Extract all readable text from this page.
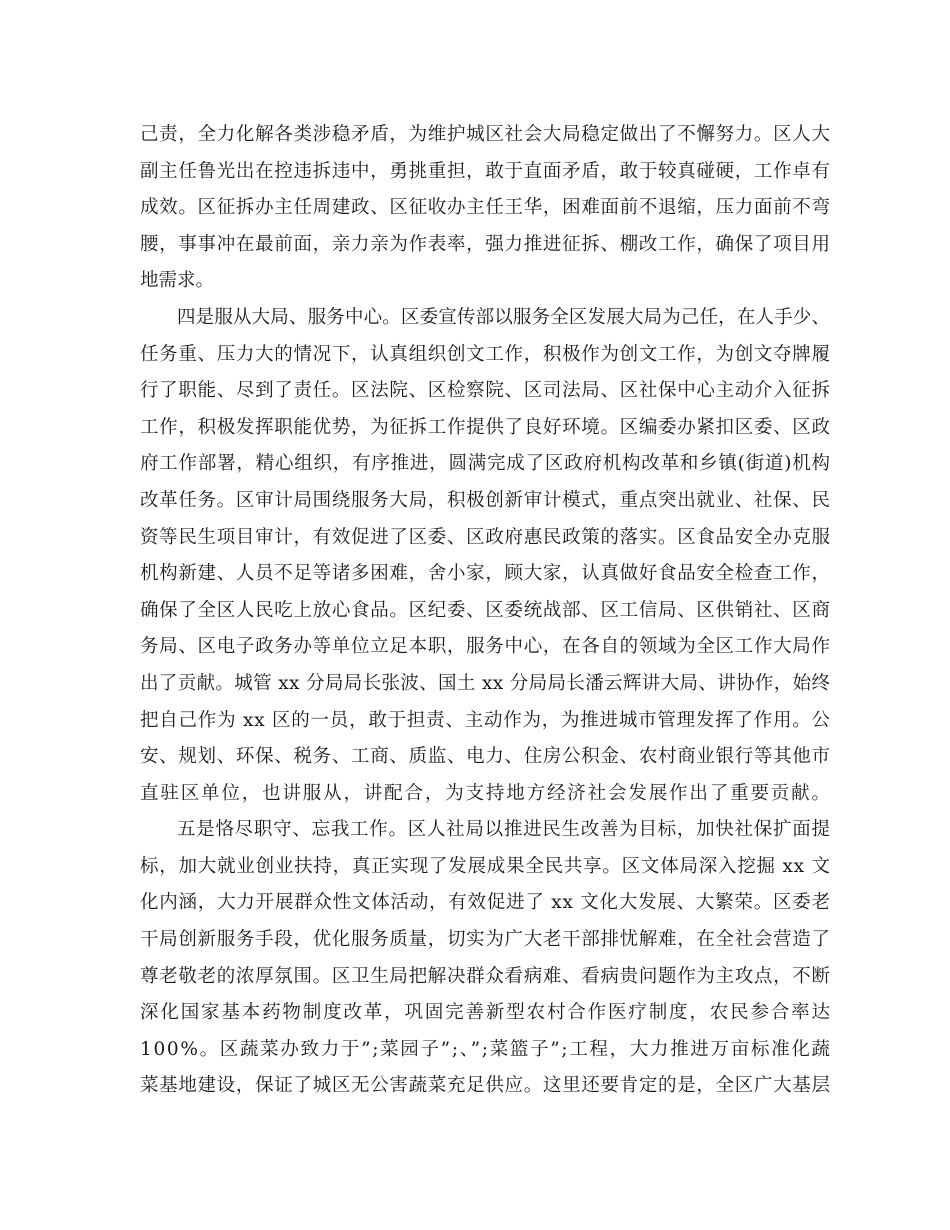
己责，全力化解各类涉稳矛盾，为维护城区社会大局稳定做出了不懈努力。区人大
副主任鲁光岀在控违拆违中，勇挑重担，敢于直面矛盾，敢于较真碰硬，工作卓有
成效。区征拆办主任周建政、区征收办主任王华，困难面前不退缩，压力面前不弯
腰，事事冲在最前面，亲力亲为作表率，强力推进征拆、棚改工作，确保了项目用
地需求。
四是服从大局、服务中心。区委宣传部以服务全区发展大局为己任，在人手少、
任务重、压力大的情况下，认真组织创文工作，积极作为创文工作，为创文夺牌履
行了职能、尽到了责任。区法院、区检察院、区司法局、区社保中心主动介入征拆
工作，积极发挥职能优势，为征拆工作提供了良好环境。区编委办紧扣区委、区政
府工作部署，精心组织，有序推进，圆满完成了区政府机构改革和乡镇(街道)机构
改革任务。区审计局围绕服务大局，积极创新审计模式，重点突出就业、社保、民
资等民生项目审计，有效促进了区委、区政府惠民政策的落实。区食品安全办克服
机构新建、人员不足等诸多困难，舍小家，顾大家，认真做好食品安全检查工作，
确保了全区人民吃上放心食品。区纪委、区委统战部、区工信局、区供销社、区商
务局、区电子政务办等单位立足本职，服务中心，在各自的领域为全区工作大局作
出了贡献。城管 xx 分局局长张波、国土 xx 分局局长潘云辉讲大局、讲协作，始终
把自己作为 xx 区的一员，敢于担责、主动作为，为推进城市管理发挥了作用。公
安、规划、环保、税务、工商、质监、电力、住房公积金、农村商业银行等其他市
直驻区单位，也讲服从，讲配合，为支持地方经济社会发展作出了重要贡献。
五是恪尽职守、忘我工作。区人社局以推进民生改善为目标，加快社保扩面提
标，加大就业创业扶持，真正实现了发展成果全民共享。区文体局深入挖掘 xx 文
化内涵，大力开展群众性文体活动，有效促进了 xx 文化大发展、大繁荣。区委老
干局创新服务手段，优化服务质量，切实为广大老干部排忧解难，在全社会营造了
尊老敬老的浓厚氛围。区卫生局把解决群众看病难、看病贵问题作为主攻点，不断
深化国家基本药物制度改革，巩固完善新型农村合作医疗制度，农民参合率达
100%。区蔬菜办致力于”;菜园子”;、”;菜篮子”;工程，大力推进万亩标准化蔬
菜基地建设，保证了城区无公害蔬菜充足供应。这里还要肯定的是，全区广大基层
